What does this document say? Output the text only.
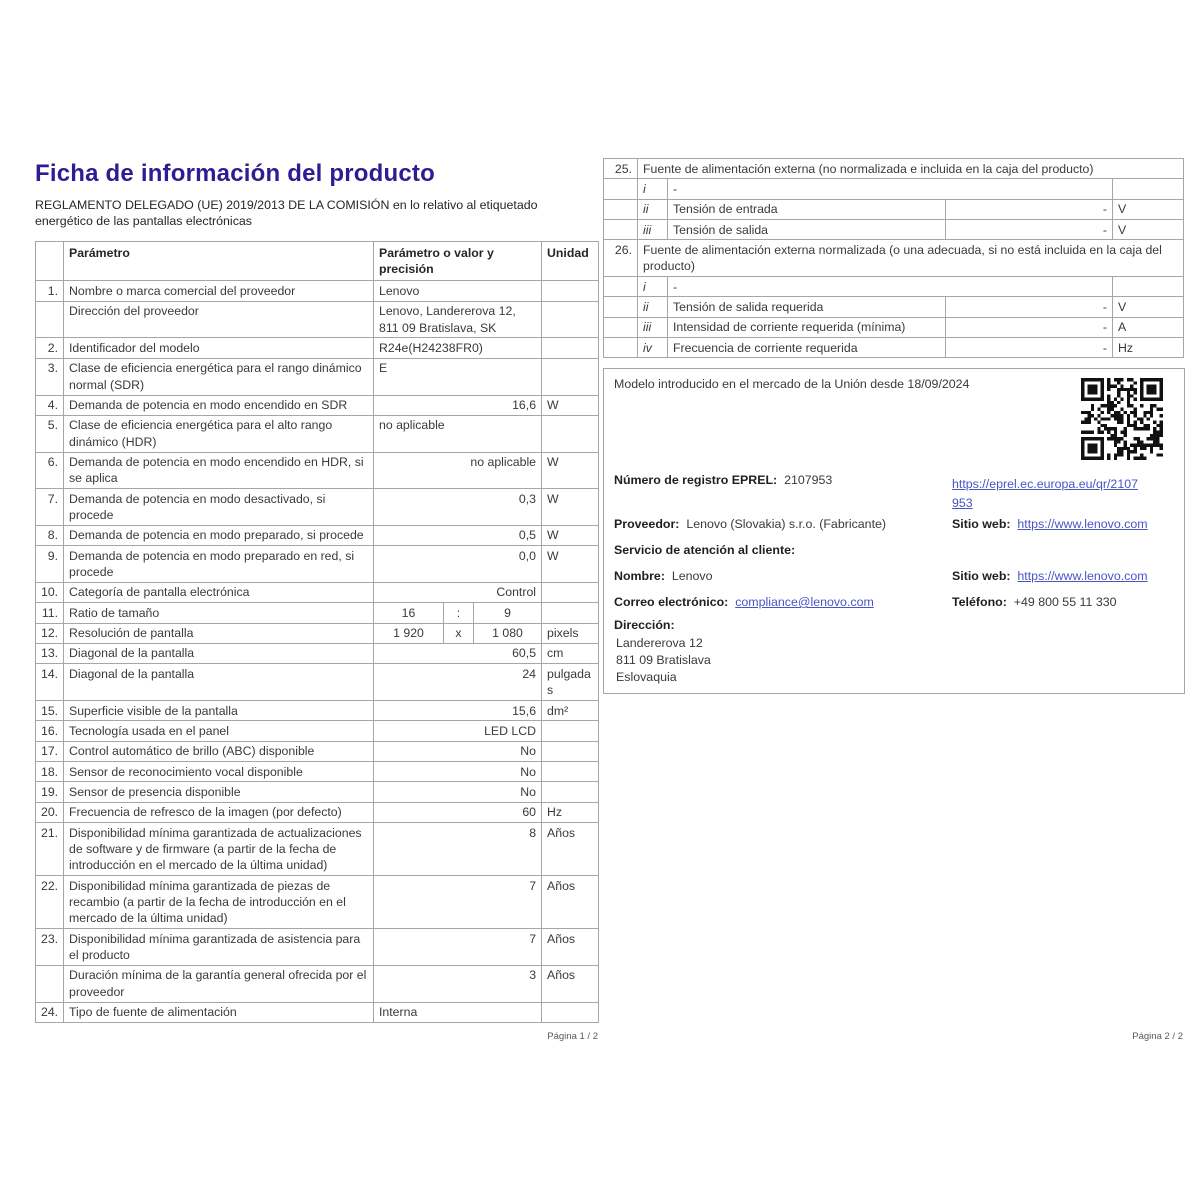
Ficha de información del producto

REGLAMENTO DELEGADO (UE) 2019/2013 DE LA COMISIÓN en lo relativo al etiquetado energético de las pantallas electrónicas

	Parámetro	Parámetro o valor y precisión			Unidad
1.	Nombre o marca comercial del proveedor	Lenovo			
	Dirección del proveedor	Lenovo, Landererova 12, 811 09 Bratislava, SK			
2.	Identificador del modelo	R24e(H24238FR0)			
3.	Clase de eficiencia energética para el rango dinámico normal (SDR)	E			
4.	Demanda de potencia en modo encendido en SDR	16,6			W
5.	Clase de eficiencia energética para el alto rango dinámico (HDR)	no aplicable			
6.	Demanda de potencia en modo encendido en HDR, si se aplica	no aplicable			W
7.	Demanda de potencia en modo desactivado, si procede	0,3			W
8.	Demanda de potencia en modo preparado, si procede	0,5			W
9.	Demanda de potencia en modo preparado en red, si procede	0,0			W
10.	Categoría de pantalla electrónica	Control			
11.	Ratio de tamaño	16	:	9	
12.	Resolución de pantalla	1 920	x	1 080	pixels
13.	Diagonal de la pantalla	60,5			cm
14.	Diagonal de la pantalla	24			pulgadas
15.	Superficie visible de la pantalla	15,6			dm²
16.	Tecnología usada en el panel	LED LCD			
17.	Control automático de brillo (ABC) disponible	No			
18.	Sensor de reconocimiento vocal disponible	No			
19.	Sensor de presencia disponible	No			
20.	Frecuencia de refresco de la imagen (por defecto)	60			Hz
21.	Disponibilidad mínima garantizada de actualizaciones de software y de firmware (a partir de la fecha de introducción en el mercado de la última unidad)	8			Años
22.	Disponibilidad mínima garantizada de piezas de recambio (a partir de la fecha de introducción en el mercado de la última unidad)	7			Años
23.	Disponibilidad mínima garantizada de asistencia para el producto	7			Años
	Duración mínima de la garantía general ofrecida por el proveedor	3			Años
24.	Tipo de fuente de alimentación	Interna			
Página 1 / 2
25.	Fuente de alimentación externa (no normalizada e incluida en la caja del producto)			
	i	-		
	ii	Tensión de entrada	-	V
	iii	Tensión de salida	-	V
26.	Fuente de alimentación externa normalizada (o una adecuada, si no está incluida en la caja del producto)			
	i	-		
	ii	Tensión de salida requerida	-	V
	iii	Intensidad de corriente requerida (mínima)	-	A
	iv	Frecuencia de corriente requerida	-	Hz
Modelo introducido en el mercado de la Unión desde 18/09/2024
Número de registro EPREL: 2107953	https://eprel.ec.europa.eu/qr/2107953
Proveedor: Lenovo (Slovakia) s.r.o. (Fabricante)	Sitio web: https://www.lenovo.com
Servicio de atención al cliente:
Nombre: Lenovo	Sitio web: https://www.lenovo.com
Correo electrónico: compliance@lenovo.com	Teléfono: +49 800 55 11 330
Dirección:
Landererova 12
811 09 Bratislava
Eslovaquia
Página 2 / 2
